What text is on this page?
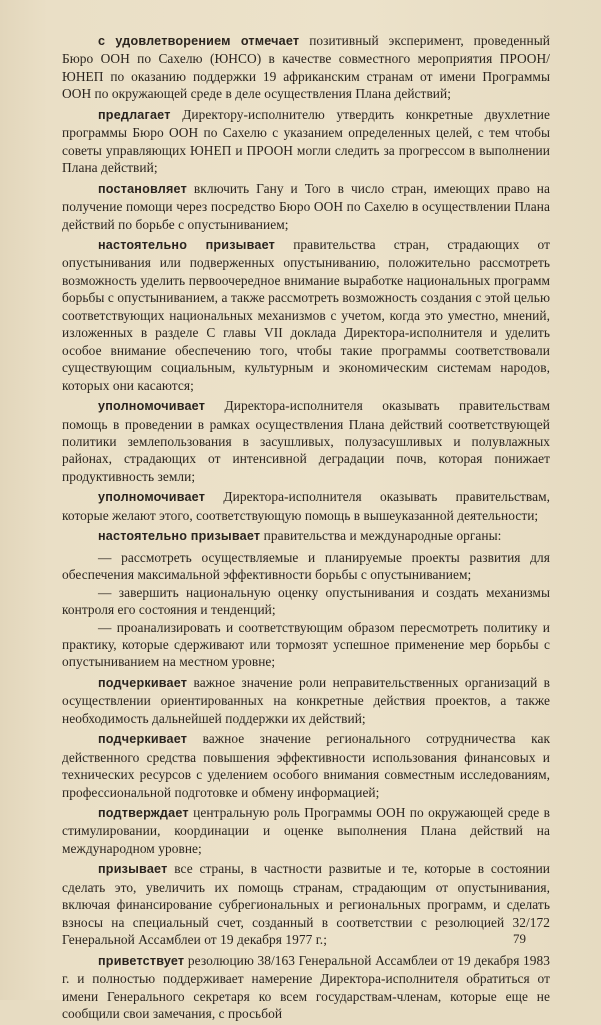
с удовлетворением отмечает позитивный эксперимент, проведенный Бюро ООН по Сахелю (ЮНСО) в качестве совместного мероприятия ПРООН/ЮНЕП по оказанию поддержки 19 африканским странам от имени Программы ООН по окружающей среде в деле осуществления Плана действий;

предлагает Директору-исполнителю утвердить конкретные двухлетние программы Бюро ООН по Сахелю с указанием определенных целей, с тем чтобы советы управляющих ЮНЕП и ПРООН могли следить за прогрессом в выполнении Плана действий;

постановляет включить Гану и Того в число стран, имеющих право на получение помощи через посредство Бюро ООН по Сахелю в осуществлении Плана действий по борьбе с опустыниванием;

настоятельно призывает правительства стран, страдающих от опустынивания или подверженных опустыниванию, положительно рассмотреть возможность уделить первоочередное внимание выработке национальных программ борьбы с опустыниванием, а также рассмотреть возможность создания с этой целью соответствующих национальных механизмов с учетом, когда это уместно, мнений, изложенных в разделе С главы VII доклада Директора-исполнителя и уделить особое внимание обеспечению того, чтобы такие программы соответствовали существующим социальным, культурным и экономическим системам народов, которых они касаются;

уполномочивает Директора-исполнителя оказывать правительствам помощь в проведении в рамках осуществления Плана действий соответствующей политики землепользования в засушливых, полузасушливых и полувлажных районах, страдающих от интенсивной деградации почв, которая понижает продуктивность земли;

уполномочивает Директора-исполнителя оказывать правительствам, которые желают этого, соответствующую помощь в вышеуказанной деятельности;

настоятельно призывает правительства и международные органы:

— рассмотреть осуществляемые и планируемые проекты развития для обеспечения максимальной эффективности борьбы с опустыниванием;

— завершить национальную оценку опустынивания и создать механизмы контроля его состояния и тенденций;

— проанализировать и соответствующим образом пересмотреть политику и практику, которые сдерживают или тормозят успешное применение мер борьбы с опустыниванием на местном уровне;

подчеркивает важное значение роли неправительственных организаций в осуществлении ориентированных на конкретные действия проектов, а также необходимость дальнейшей поддержки их действий;

подчеркивает важное значение регионального сотрудничества как действенного средства повышения эффективности использования финансовых и технических ресурсов с уделением особого внимания совместным исследованиям, профессиональной подготовке и обмену информацией;

подтверждает центральную роль Программы ООН по окружающей среде в стимулировании, координации и оценке выполнения Плана действий на международном уровне;

призывает все страны, в частности развитые и те, которые в состоянии сделать это, увеличить их помощь странам, страдающим от опустынивания, включая финансирование субрегиональных и региональных программ, и сделать взносы на специальный счет, созданный в соответствии с резолюцией 32/172 Генеральной Ассамблеи от 19 декабря 1977 г.;

приветствует резолюцию 38/163 Генеральной Ассамблеи от 19 декабря 1983 г. и полностью поддерживает намерение Директора-исполнителя обратиться от имени Генерального секретаря ко всем государствам-членам, которые еще не сообщили свои замечания, с просьбой

79
